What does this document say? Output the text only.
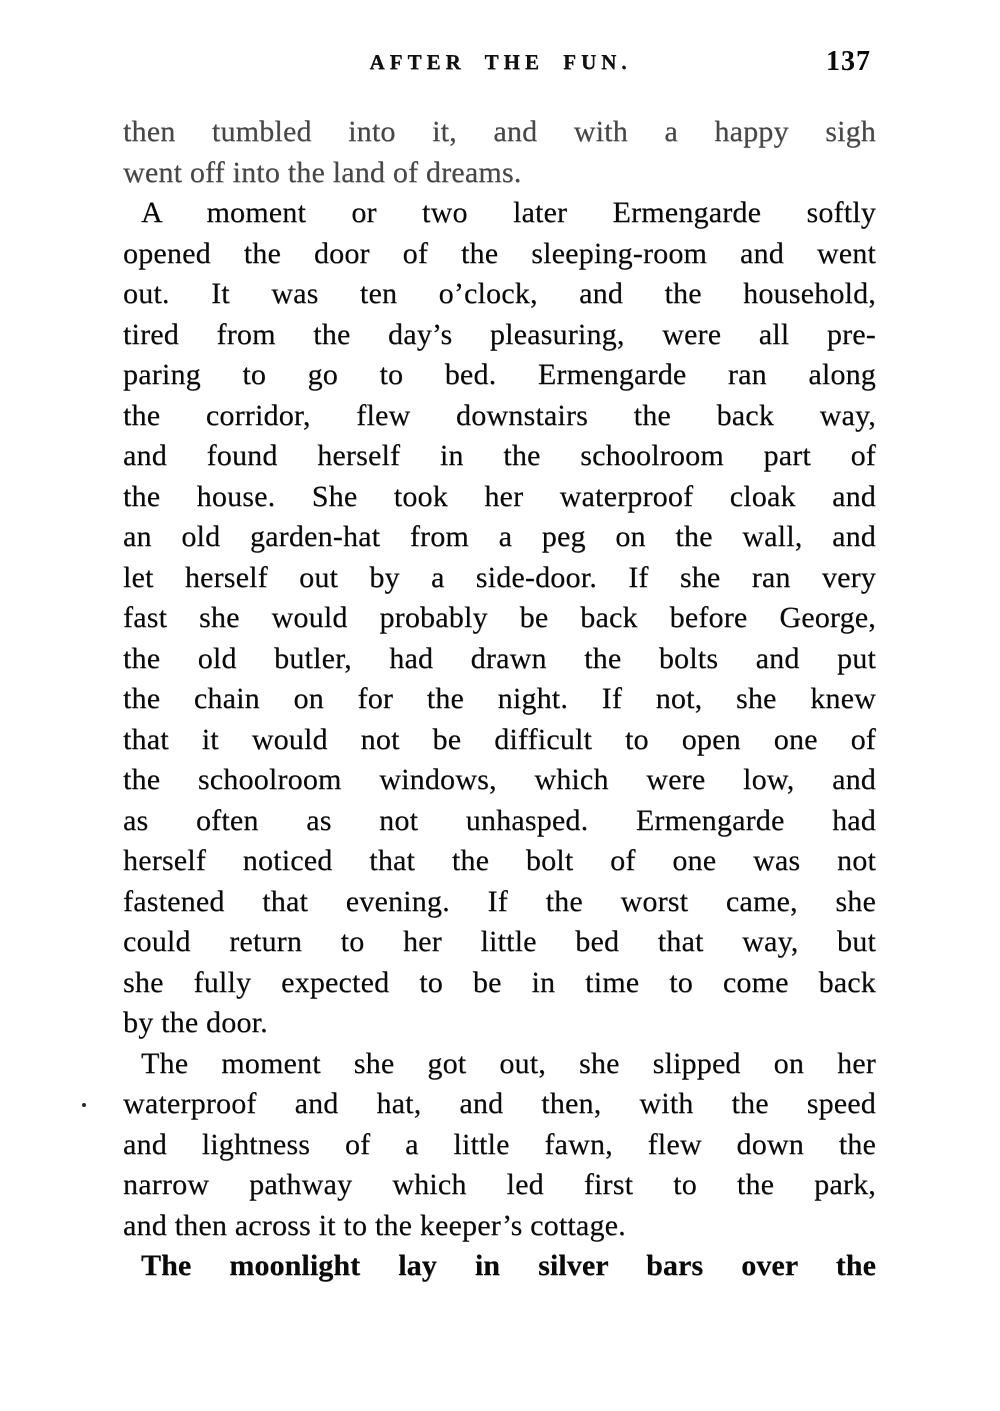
AFTER THE FUN.	137
then tumbled into it, and with a happy sigh
went off into the land of dreams.
A moment or two later Ermengarde softly
opened the door of the sleeping-room and went
out. It was ten o’clock, and the household,
tired from the day’s pleasuring, were all pre-
paring to go to bed. Ermengarde ran along
the corridor, flew downstairs the back way,
and found herself in the schoolroom part of
the house. She took her waterproof cloak and
an old garden-hat from a peg on the wall, and
let herself out by a side-door. If she ran very
fast she would probably be back before George,
the old butler, had drawn the bolts and put
the chain on for the night. If not, she knew
that it would not be difficult to open one of
the schoolroom windows, which were low, and
as often as not unhasped. Ermengarde had
herself noticed that the bolt of one was not
fastened that evening. If the worst came, she
could return to her little bed that way, but
she fully expected to be in time to come back
by the door.
The moment she got out, she slipped on her
waterproof and hat, and then, with the speed
and lightness of a little fawn, flew down the
narrow pathway which led first to the park,
and then across it to the keeper’s cottage.
The moonlight lay in silver bars over the
